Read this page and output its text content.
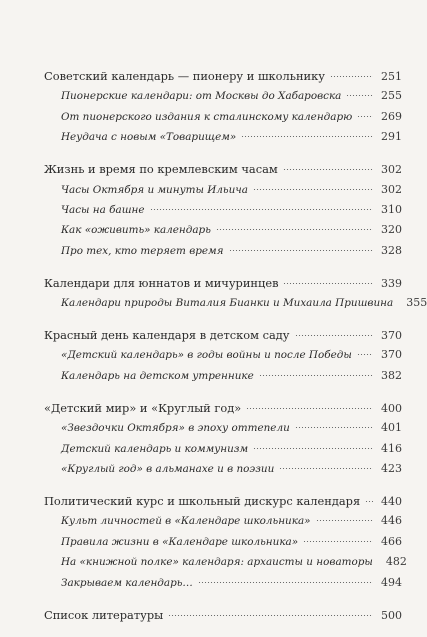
Советский календарь — пионеру и школьнику	251
Пионерские календари: от Москвы до Хабаровска	255
От пионерского издания к сталинскому календарю	269
Неудача с новым «Товарищем»	291
Жизнь и время по кремлевским часам	302
Часы Октября и минуты Ильича	302
Часы на башне	310
Как «оживить» календарь	320
Про тех, кто теряет время	328
Календари для юннатов и мичуринцев	339
Календари природы Виталия Бианки и Михаила Пришвина	355
Красный день календаря в детском саду	370
«Детский календарь» в годы войны и после Победы	370
Календарь на детском утреннике	382
«Детский мир» и «Круглый год»	400
«Звездочки Октября» в эпоху оттепели	401
Детский календарь и коммунизм	416
«Круглый год» в альманахе и в поэзии	423
Политический курс и школьный дискурс календаря	440
Культ личностей в «Календаре школьника»	446
Правила жизни в «Календаре школьника»	466
На «книжной полке» календаря: архаисты и новаторы	482
Закрываем календарь…	494
Список литературы	500
